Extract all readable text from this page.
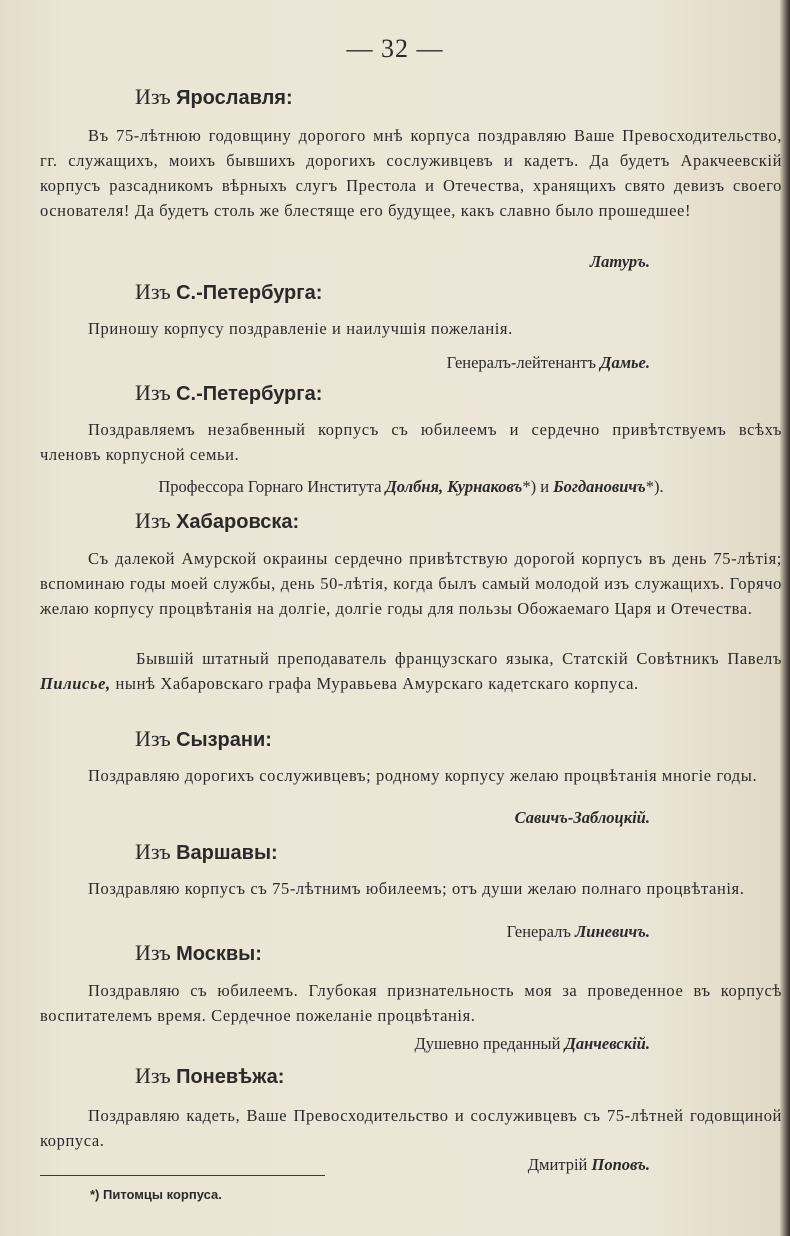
— 32 —
Изъ Ярославля:
Въ 75-лѣтнюю годовщину дорогого мнѣ корпуса поздравляю Ваше Превосходительство, гг. служащихъ, моихъ бывшихъ дорогихъ сослуживцевъ и кадетъ. Да будетъ Аракчеевскій корпусъ разсадникомъ вѣрныхъ слугъ Престола и Отечества, хранящихъ свято девизъ своего основателя! Да будетъ столь же блестяще его будущее, какъ славно было прошедшее!
Латуръ.
Изъ С.-Петербурга:
Приношу корпусу поздравленіе и наилучшія пожеланія.
Генералъ-лейтенантъ Дамье.
Изъ С.-Петербурга:
Поздравляемъ незабвенный корпусъ съ юбилеемъ и сердечно привѣтствуемъ всѣхъ членовъ корпусной семьи.
Профессора Горнаго Института Долбня, Курнаковъ*) и Богдановичъ*).
Изъ Хабаровска:
Съ далекой Амурской окраины сердечно привѣтствую дорогой корпусъ въ день 75-лѣтія; вспоминаю годы моей службы, день 50-лѣтія, когда былъ самый молодой изъ служащихъ. Горячо желаю корпусу процвѣтанія на долгіе, долгіе годы для пользы Обожаемаго Царя и Отечества.
Бывшій штатный преподаватель французскаго языка, Статскій Совѣтникъ Павелъ Пилисье, нынѣ Хабаровскаго графа Муравьева Амурскаго кадетскаго корпуса.
Изъ Сызрани:
Поздравляю дорогихъ сослуживцевъ; родному корпусу желаю процвѣтанія многіе годы.
Савичъ-Заблоцкій.
Изъ Варшавы:
Поздравляю корпусъ съ 75-лѣтнимъ юбилеемъ; отъ души желаю полнаго процвѣтанія.
Генералъ Линевичъ.
Изъ Москвы:
Поздравляю съ юбилеемъ. Глубокая признательность моя за проведенное въ корпусѣ воспитателемъ время. Сердечное пожеланіе процвѣтанія.
Душевно преданный Данчевскій.
Изъ Поневѣжа:
Поздравляю кадеть, Ваше Превосходительство и сослуживцевъ съ 75-лѣтней годовщиной корпуса.
Дмитрій Поповъ.
*) Питомцы корпуса.
